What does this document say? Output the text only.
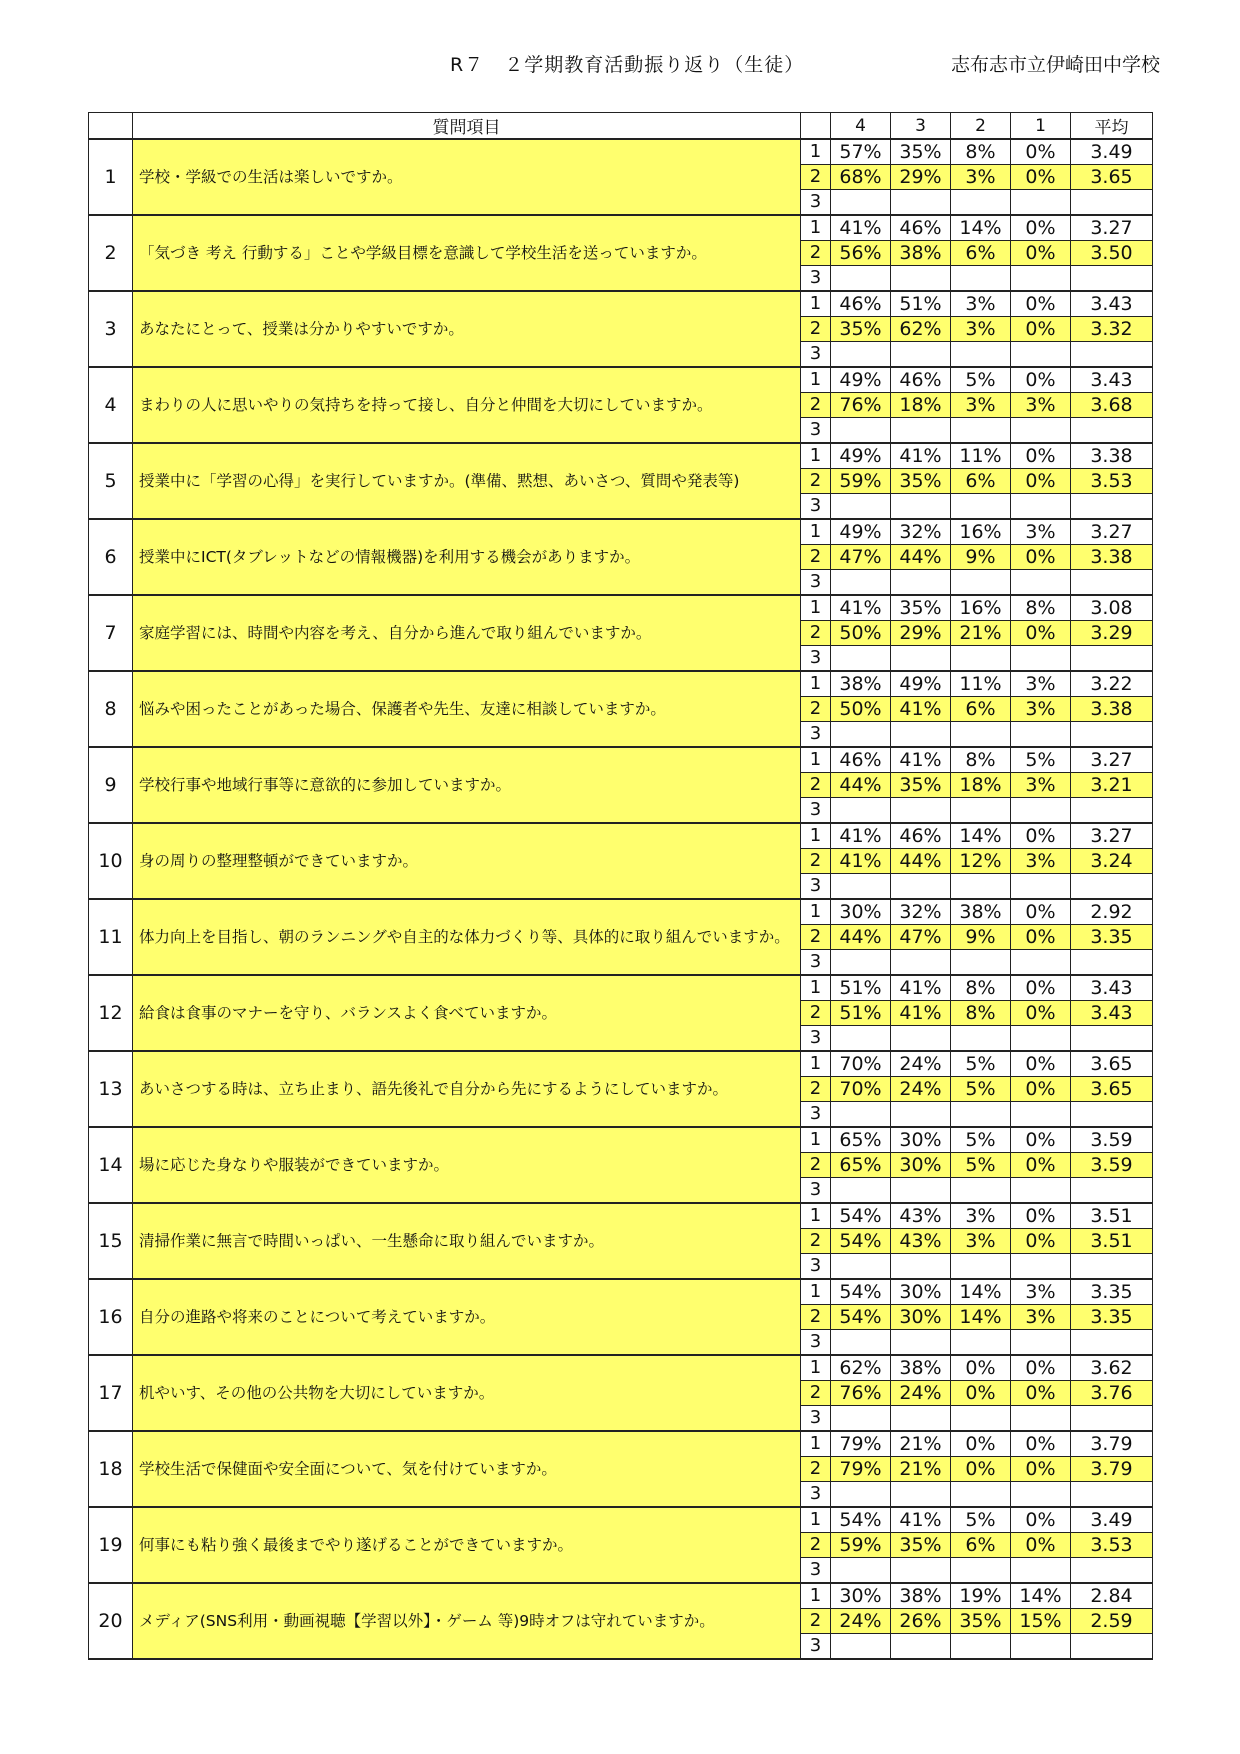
R７　２学期教育活動振り返り（生徒）	志布志市立伊崎田中学校
	質問項目		4	3	2	1	平均
1	学校・学級での生活は楽しいですか。	1	57%	35%	8%	0%	3.49
		2	68%	29%	3%	0%	3.65
		3					
2	「気づき 考え 行動する」ことや学級目標を意識して学校生活を送っていますか。	1	41%	46%	14%	0%	3.27
		2	56%	38%	6%	0%	3.50
		3					
3	あなたにとって、授業は分かりやすいですか。	1	46%	51%	3%	0%	3.43
		2	35%	62%	3%	0%	3.32
		3					
4	まわりの人に思いやりの気持ちを持って接し、自分と仲間を大切にしていますか。	1	49%	46%	5%	0%	3.43
		2	76%	18%	3%	3%	3.68
		3					
5	授業中に「学習の心得」を実行していますか。(準備、黙想、あいさつ、質問や発表等)	1	49%	41%	11%	0%	3.38
		2	59%	35%	6%	0%	3.53
		3					
6	授業中にICT(タブレットなどの情報機器)を利用する機会がありますか。	1	49%	32%	16%	3%	3.27
		2	47%	44%	9%	0%	3.38
		3					
7	家庭学習には、時間や内容を考え、自分から進んで取り組んでいますか。	1	41%	35%	16%	8%	3.08
		2	50%	29%	21%	0%	3.29
		3					
8	悩みや困ったことがあった場合、保護者や先生、友達に相談していますか。	1	38%	49%	11%	3%	3.22
		2	50%	41%	6%	3%	3.38
		3					
9	学校行事や地域行事等に意欲的に参加していますか。	1	46%	41%	8%	5%	3.27
		2	44%	35%	18%	3%	3.21
		3					
10	身の周りの整理整頓ができていますか。	1	41%	46%	14%	0%	3.27
		2	41%	44%	12%	3%	3.24
		3					
11	体力向上を目指し、朝のランニングや自主的な体力づくり等、具体的に取り組んでいますか。	1	30%	32%	38%	0%	2.92
		2	44%	47%	9%	0%	3.35
		3					
12	給食は食事のマナーを守り、バランスよく食べていますか。	1	51%	41%	8%	0%	3.43
		2	51%	41%	8%	0%	3.43
		3					
13	あいさつする時は、立ち止まり、語先後礼で自分から先にするようにしていますか。	1	70%	24%	5%	0%	3.65
		2	70%	24%	5%	0%	3.65
		3					
14	場に応じた身なりや服装ができていますか。	1	65%	30%	5%	0%	3.59
		2	65%	30%	5%	0%	3.59
		3					
15	清掃作業に無言で時間いっぱい、一生懸命に取り組んでいますか。	1	54%	43%	3%	0%	3.51
		2	54%	43%	3%	0%	3.51
		3					
16	自分の進路や将来のことについて考えていますか。	1	54%	30%	14%	3%	3.35
		2	54%	30%	14%	3%	3.35
		3					
17	机やいす、その他の公共物を大切にしていますか。	1	62%	38%	0%	0%	3.62
		2	76%	24%	0%	0%	3.76
		3					
18	学校生活で保健面や安全面について、気を付けていますか。	1	79%	21%	0%	0%	3.79
		2	79%	21%	0%	0%	3.79
		3					
19	何事にも粘り強く最後までやり遂げることができていますか。	1	54%	41%	5%	0%	3.49
		2	59%	35%	6%	0%	3.53
		3					
20	メディア(SNS利用・動画視聴【学習以外】・ゲーム 等)9時オフは守れていますか。	1	30%	38%	19%	14%	2.84
		2	24%	26%	35%	15%	2.59
		3					
